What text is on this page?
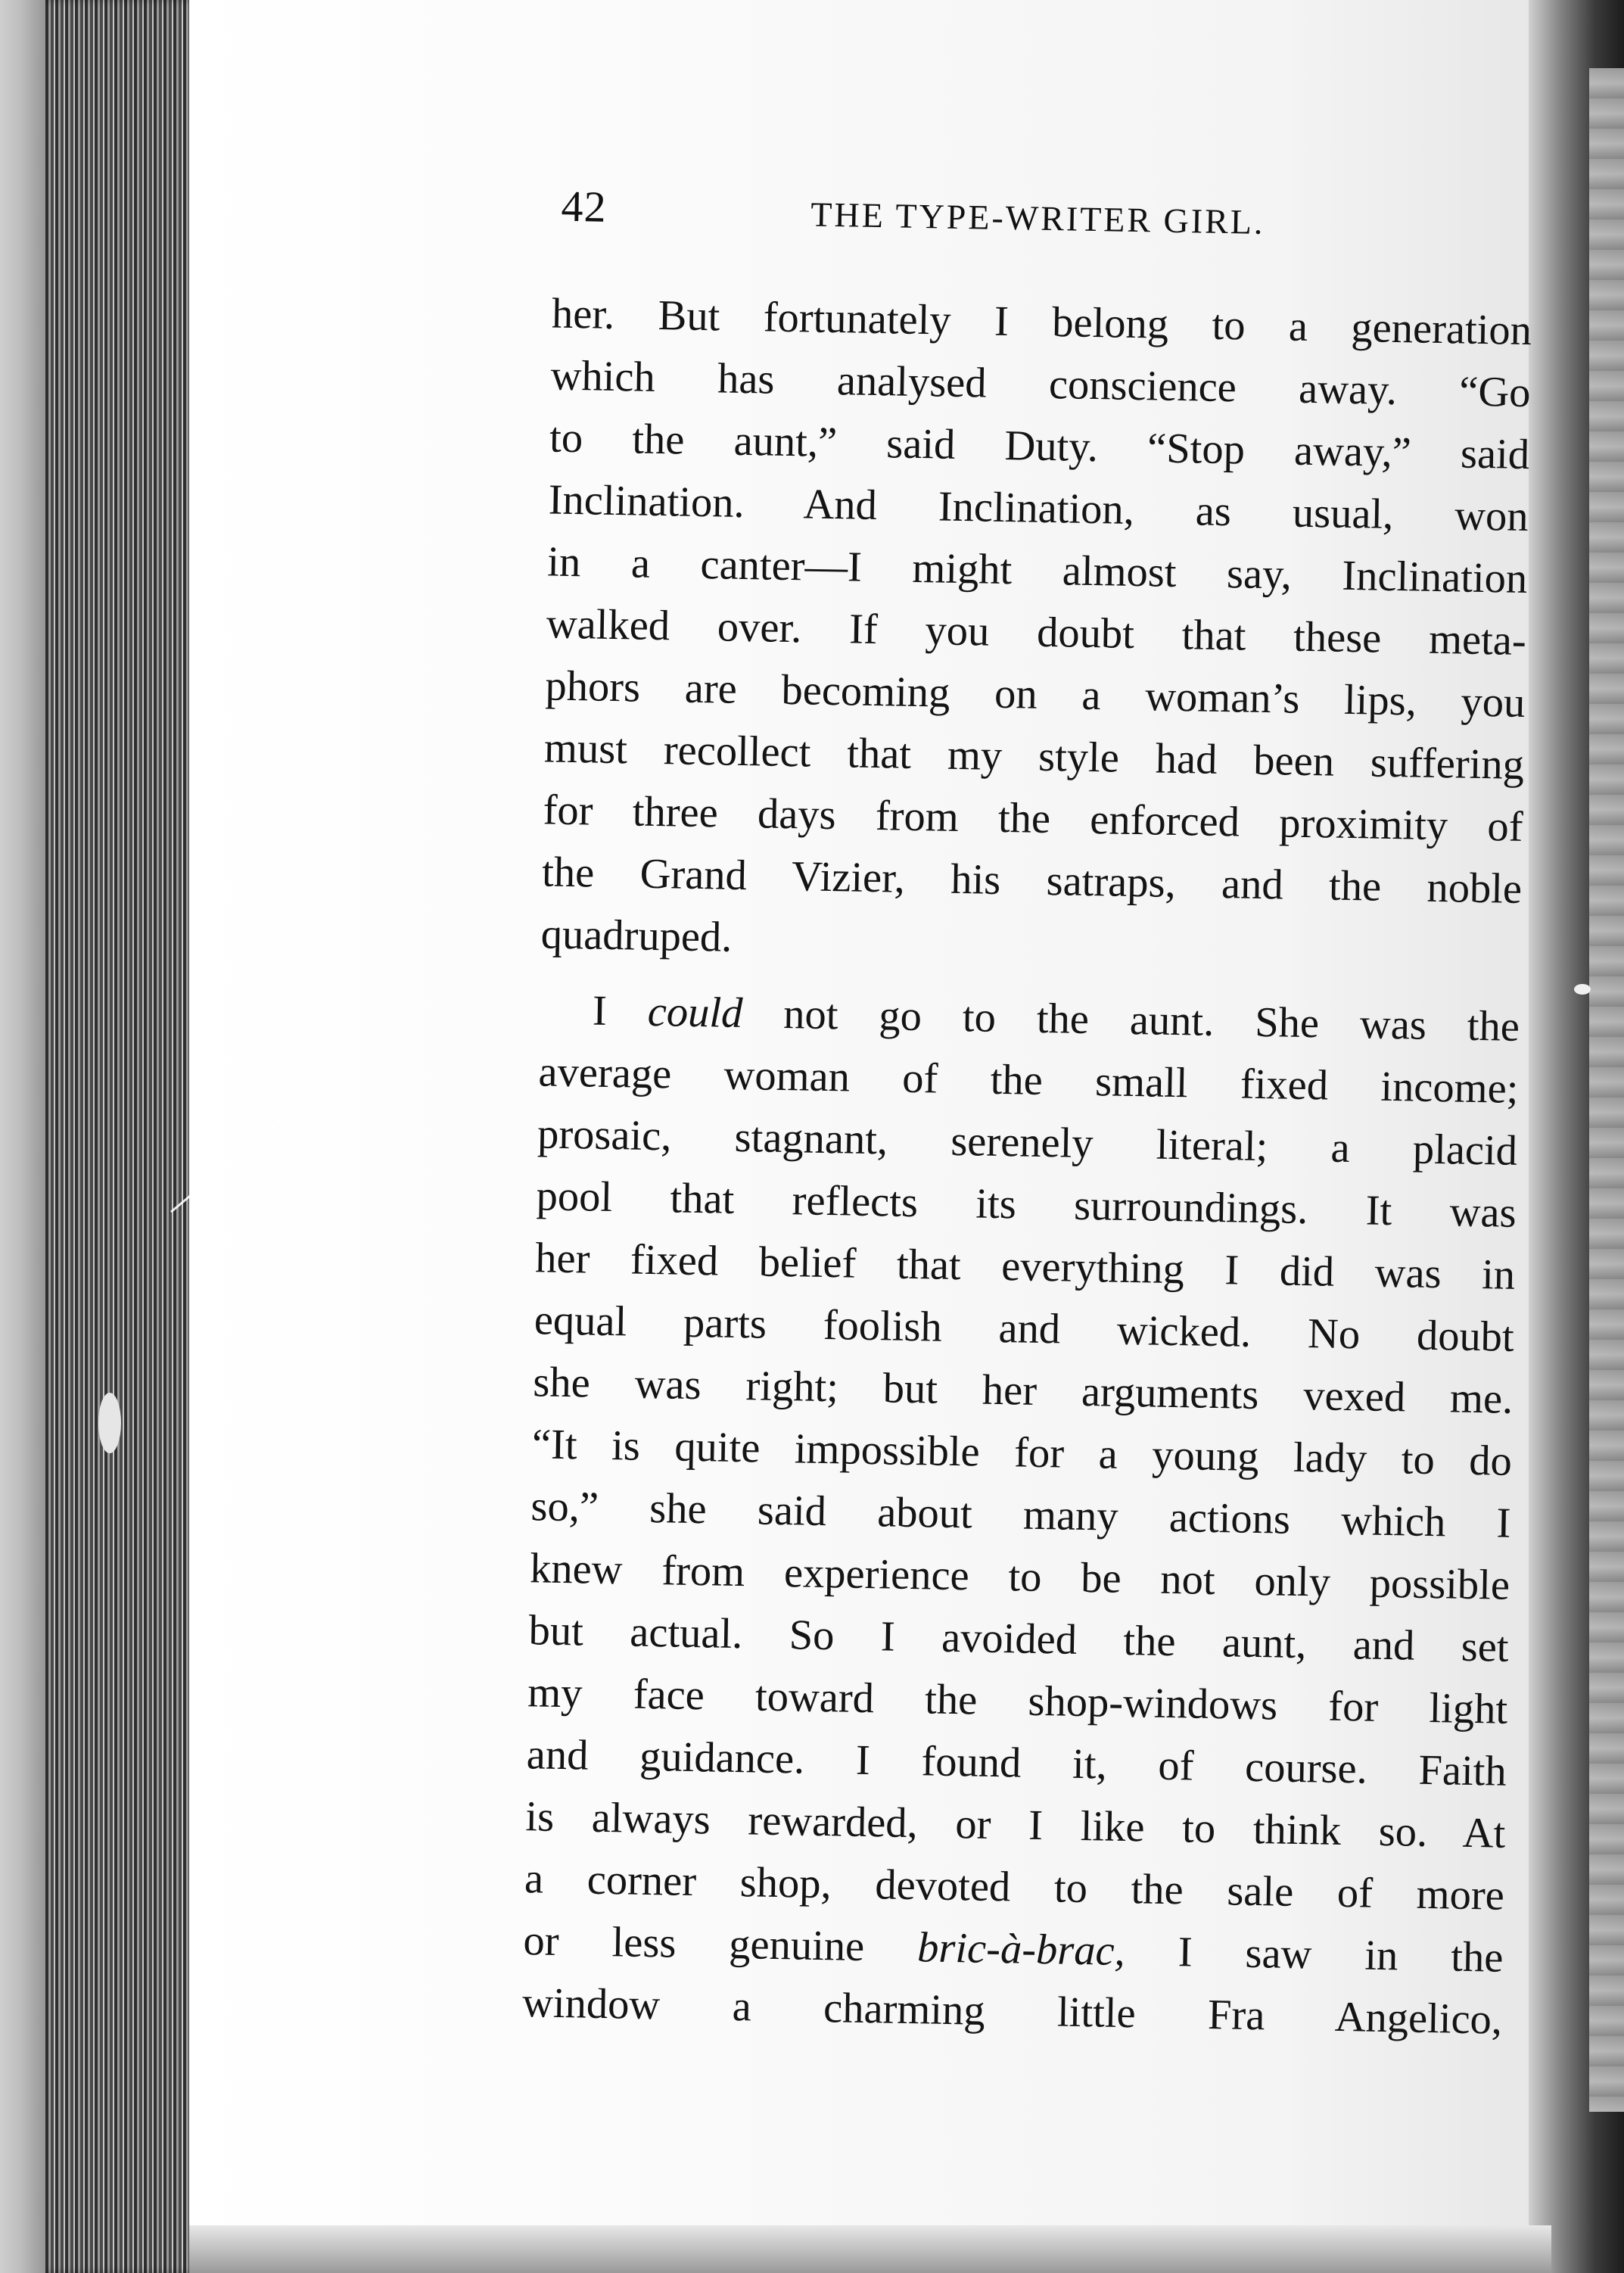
42	THE TYPE-WRITER GIRL.
her. But fortunately I belong to a generation
which has analysed conscience away. “Go
to the aunt,” said Duty. “Stop away,” said
Inclination. And Inclination, as usual, won
in a canter—I might almost say, Inclination
walked over. If you doubt that these meta-
phors are becoming on a woman’s lips, you
must recollect that my style had been suffering
for three days from the enforced proximity of
the Grand Vizier, his satraps, and the noble
quadruped.
I could not go to the aunt. She was the
average woman of the small fixed income;
prosaic, stagnant, serenely literal; a placid
pool that reflects its surroundings. It was
her fixed belief that everything I did was in
equal parts foolish and wicked. No doubt
she was right; but her arguments vexed me.
“It is quite impossible for a young lady to do
so,” she said about many actions which I
knew from experience to be not only possible
but actual. So I avoided the aunt, and set
my face toward the shop-windows for light
and guidance. I found it, of course. Faith
is always rewarded, or I like to think so. At
a corner shop, devoted to the sale of more
or less genuine bric-à-brac, I saw in the
window a charming little Fra Angelico,
